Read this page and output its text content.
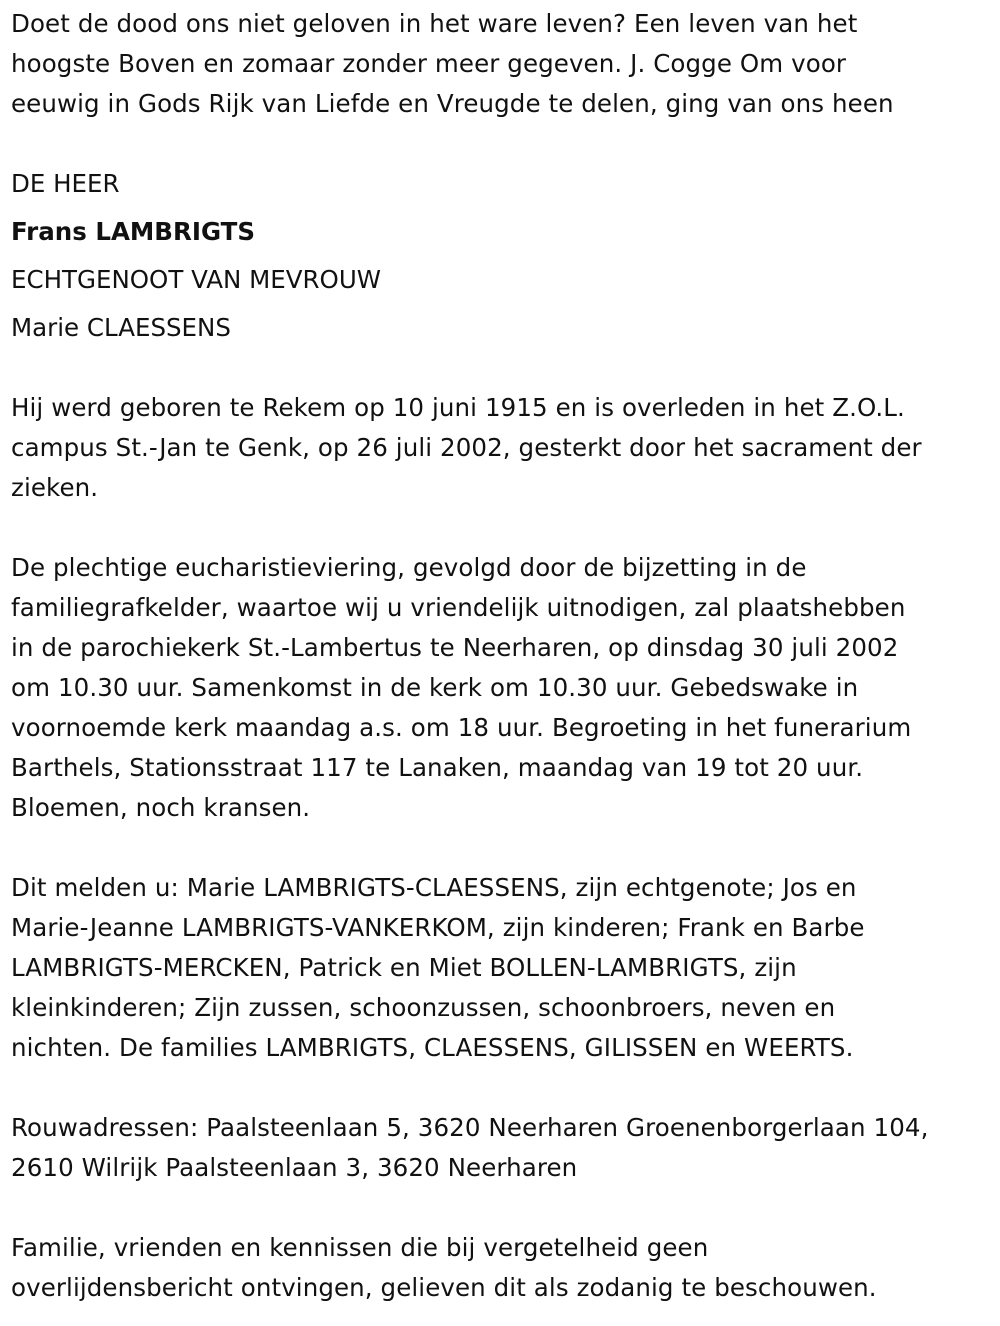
Doet de dood ons niet geloven in het ware leven? Een leven van het
hoogste Boven en zomaar zonder meer gegeven. J. Cogge Om voor
eeuwig in Gods Rijk van Liefde en Vreugde te delen, ging van ons heen

DE HEER

Frans LAMBRIGTS

ECHTGENOOT VAN MEVROUW

Marie CLAESSENS

Hij werd geboren te Rekem op 10 juni 1915 en is overleden in het Z.O.L.
campus St.-Jan te Genk, op 26 juli 2002, gesterkt door het sacrament der
zieken.

De plechtige eucharistieviering, gevolgd door de bijzetting in de
familiegrafkelder, waartoe wij u vriendelijk uitnodigen, zal plaatshebben
in de parochiekerk St.-Lambertus te Neerharen, op dinsdag 30 juli 2002
om 10.30 uur. Samenkomst in de kerk om 10.30 uur. Gebedswake in
voornoemde kerk maandag a.s. om 18 uur. Begroeting in het funerarium
Barthels, Stationsstraat 117 te Lanaken, maandag van 19 tot 20 uur.
Bloemen, noch kransen.

Dit melden u: Marie LAMBRIGTS-CLAESSENS, zijn echtgenote; Jos en
Marie-Jeanne LAMBRIGTS-VANKERKOM, zijn kinderen; Frank en Barbe
LAMBRIGTS-MERCKEN, Patrick en Miet BOLLEN-LAMBRIGTS, zijn
kleinkinderen; Zijn zussen, schoonzussen, schoonbroers, neven en
nichten. De families LAMBRIGTS, CLAESSENS, GILISSEN en WEERTS.

Rouwadressen: Paalsteenlaan 5, 3620 Neerharen Groenenborgerlaan 104,
2610 Wilrijk Paalsteenlaan 3, 3620 Neerharen

Familie, vrienden en kennissen die bij vergetelheid geen
overlijdensbericht ontvingen, gelieven dit als zodanig te beschouwen.
